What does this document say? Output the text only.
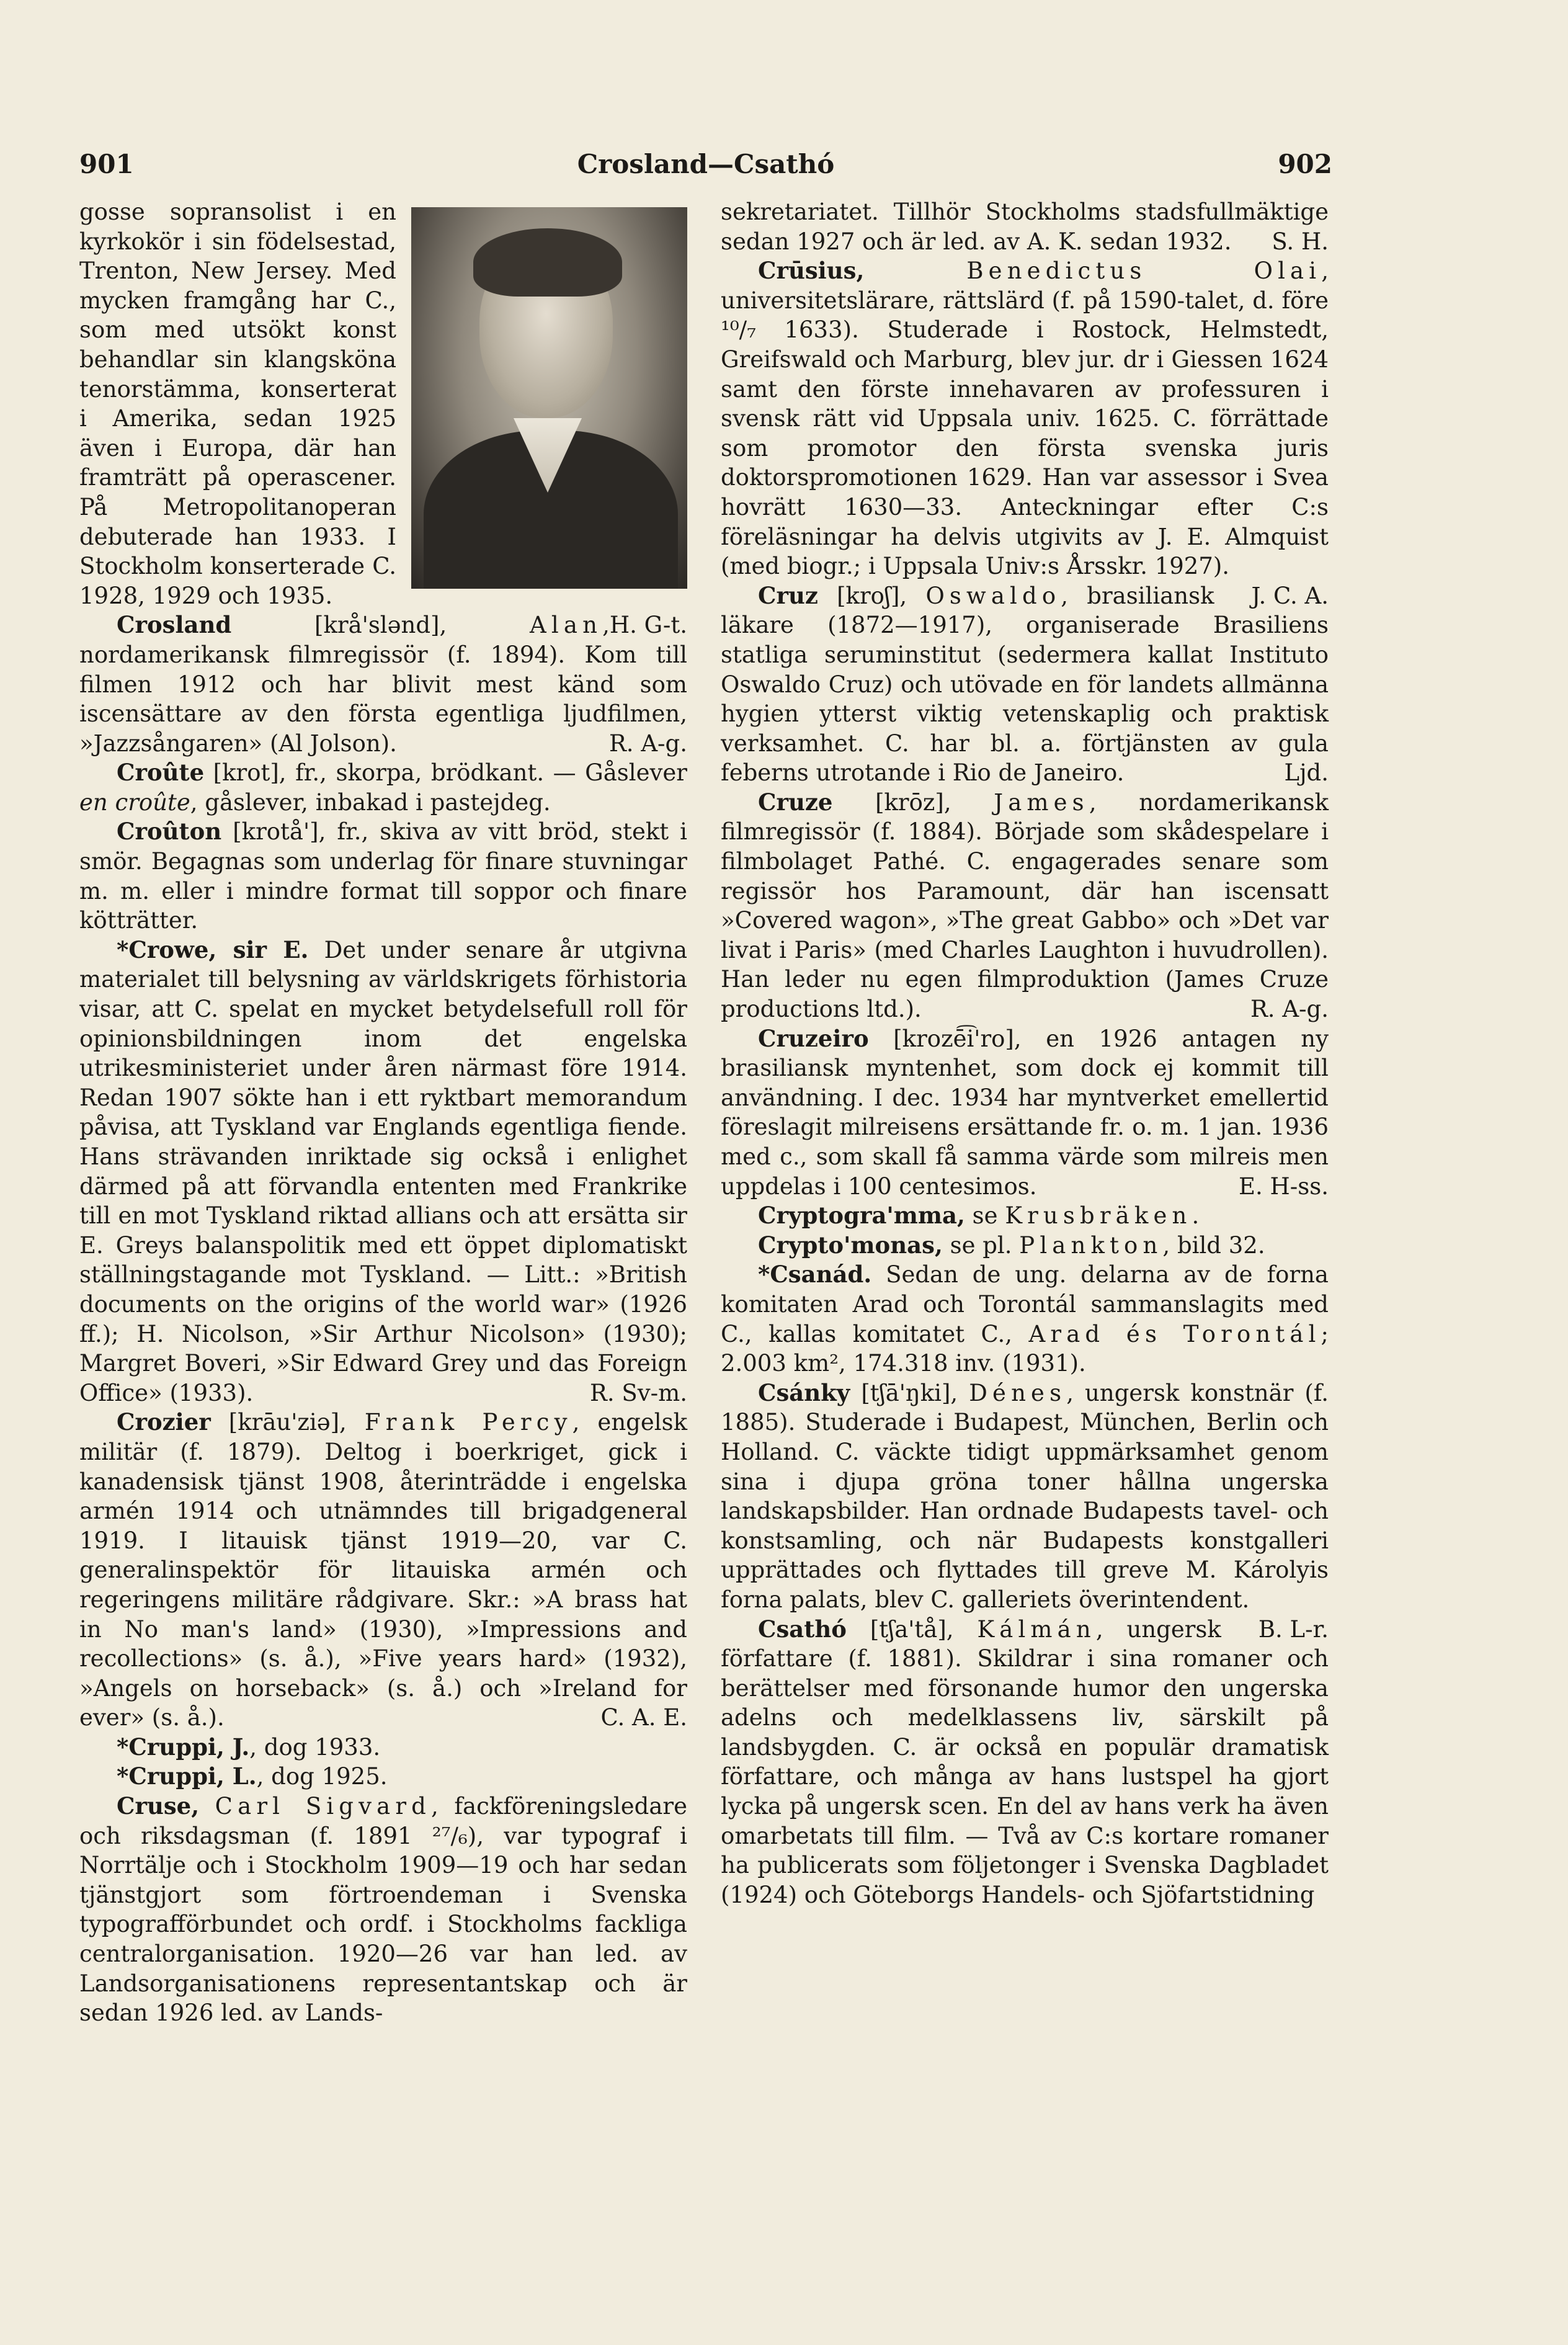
901	Crosland—Csathó	902

gosse sopransolist i en kyrkokör i sin födelsestad, Trenton, New Jersey. Med mycken framgång har C., som med utsökt konst behandlar sin klangsköna tenorstämma, konserterat i Amerika, sedan 1925 även i Europa, där han framträtt på operascener. På Metropolitanoperan debuterade han 1933. I Stockholm konserterade C. 1928, 1929 och 1935.
H. G-t.

Crosland [krå'slənd], Alan, nordamerikansk filmregissör (f. 1894). Kom till filmen 1912 och har blivit mest känd som iscensättare av den första egentliga ljudfilmen, »Jazzsångaren» (Al Jolson).	R. A-g.

Croûte [krot], fr., skorpa, brödkant. — Gåslever en croûte, gåslever, inbakad i pastejdeg.

Croûton [krotå'], fr., skiva av vitt bröd, stekt i smör. Begagnas som underlag för finare stuvningar m. m. eller i mindre format till soppor och finare kötträtter.

*Crowe, sir E. Det under senare år utgivna materialet till belysning av världskrigets förhistoria visar, att C. spelat en mycket betydelsefull roll för opinionsbildningen inom det engelska utrikesministeriet under åren närmast före 1914. Redan 1907 sökte han i ett ryktbart memorandum påvisa, att Tyskland var Englands egentliga fiende. Hans strävanden inriktade sig också i enlighet därmed på att förvandla ententen med Frankrike till en mot Tyskland riktad allians och att ersätta sir E. Greys balanspolitik med ett öppet diplomatiskt ställningstagande mot Tyskland. — Litt.: »British documents on the origins of the world war» (1926 ff.); H. Nicolson, »Sir Arthur Nicolson» (1930); Margret Boveri, »Sir Edward Grey und das Foreign Office» (1933).	R. Sv-m.

Crozier [krāu'ziə], Frank Percy, engelsk militär (f. 1879). Deltog i boerkriget, gick i kanadensisk tjänst 1908, återinträdde i engelska armén 1914 och utnämndes till brigadgeneral 1919. I litauisk tjänst 1919—20, var C. generalinspektör för litauiska armén och regeringens militäre rådgivare. Skr.: »A brass hat in No man's land» (1930), »Impressions and recollections» (s. å.), »Five years hard» (1932), »Angels on horseback» (s. å.) och »Ireland for ever» (s. å.).	C. A. E.

*Cruppi, J., dog 1933.

*Cruppi, L., dog 1925.

Cruse, Carl Sigvard, fackföreningsledare och riksdagsman (f. 1891 ²⁷/₆), var typograf i Norrtälje och i Stockholm 1909—19 och har sedan tjänstgjort som förtroendeman i Svenska typografförbundet och ordf. i Stockholms fackliga centralorganisation. 1920—26 var han led. av Landsorganisationens representantskap och är sedan 1926 led. av Lands-

sekretariatet. Tillhör Stockholms stadsfullmäktige sedan 1927 och är led. av A. K. sedan 1932. S. H.

Crūsius,	Benedictus Olai, universitetslärare, rättslärd (f. på 1590-talet, d. före ¹⁰/₇ 1633). Studerade i Rostock, Helmstedt, Greifswald och Marburg, blev jur. dr i Giessen 1624 samt den förste innehavaren av professuren i svensk rätt vid Uppsala univ. 1625. C. förrättade som promotor den första svenska juris doktorspromotionen 1629. Han var assessor i Svea hovrätt 1630—33. Anteckningar efter C:s föreläsningar ha delvis utgivits av J. E. Almquist (med biogr.; i Uppsala Univ:s Årsskr. 1927).
J. C. A.

Cruz [kroʃ], Oswaldo, brasiliansk läkare (1872—1917), organiserade Brasiliens statliga seruminstitut (sedermera kallat Instituto Oswaldo Cruz) och utövade en för landets allmänna hygien ytterst viktig vetenskaplig och praktisk verksamhet. C. har bl. a. förtjänsten av gula feberns utrotande i Rio de Janeiro.	Ljd.

Cruze [krōz], James, nordamerikansk filmregissör (f. 1884). Började som skådespelare i filmbolaget Pathé. C. engagerades senare som regissör hos Paramount, där han iscensatt »Covered wagon», »The great Gabbo» och »Det var livat i Paris» (med Charles Laughton i huvudrollen). Han leder nu egen filmproduktion (James Cruze productions ltd.).	R. A-g.

Cruzeiro [krozē͡i'ro], en 1926 antagen ny brasiliansk myntenhet, som dock ej kommit till användning. I dec. 1934 har myntverket emellertid föreslagit milreisens ersättande fr. o. m. 1 jan. 1936 med c., som skall få samma värde som milreis men uppdelas i 100 centesimos.	E. H-ss.

Cryptogra'mma, se Krusbräken.

Crypto'monas, se pl. Plankton, bild 32.

*Csanád. Sedan de ung. delarna av de forna komitaten Arad och Torontál sammanslagits med C., kallas komitatet C., Arad és Torontál; 2.003 km², 174.318 inv. (1931).

Csánky [tʃā'ŋki], Dénes, ungersk konstnär (f. 1885). Studerade i Budapest, München, Berlin och Holland. C. väckte tidigt uppmärksamhet genom sina i djupa gröna toner hållna ungerska landskapsbilder. Han ordnade Budapests tavel- och konstsamling, och när Budapests konstgalleri upprättades och flyttades till greve M. Károlyis forna palats, blev C. galleriets överintendent.
B. L-r.

Csathó [tʃa'tå], Kálmán, ungersk författare (f. 1881). Skildrar i sina romaner och berättelser med försonande humor den ungerska adelns och medelklassens liv, särskilt på landsbygden. C. är också en populär dramatisk författare, och många av hans lustspel ha gjort lycka på ungersk scen. En del av hans verk ha även omarbetats till film. — Två av C:s kortare romaner ha publicerats som följetonger i Svenska Dagbladet (1924) och Göteborgs Handels- och Sjöfartstidning
